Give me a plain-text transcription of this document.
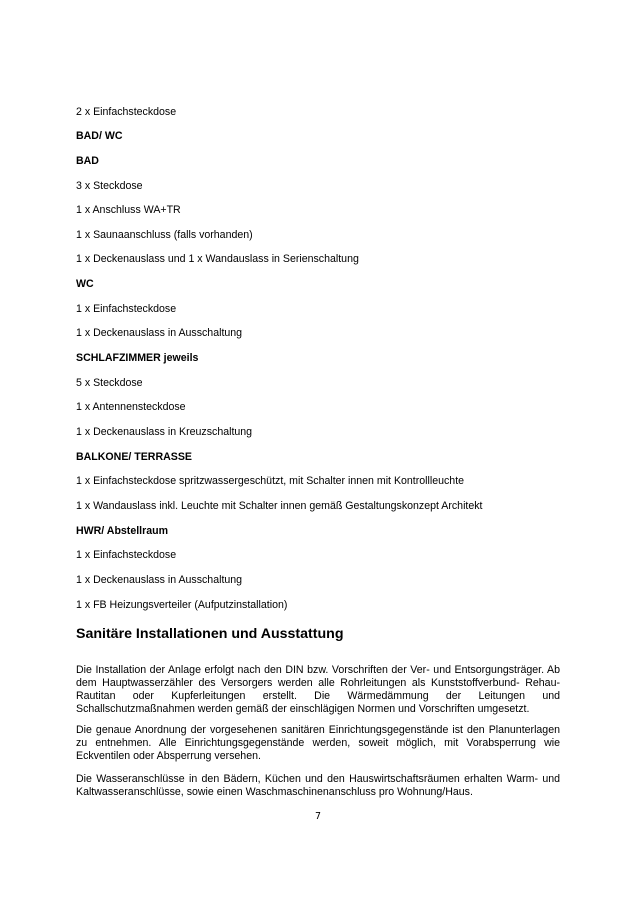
2 x Einfachsteckdose
BAD/ WC
BAD
3 x Steckdose
1 x Anschluss WA+TR
1 x Saunaanschluss (falls vorhanden)
1 x Deckenauslass und 1 x Wandauslass in Serienschaltung
WC
1 x Einfachsteckdose
1 x Deckenauslass in Ausschaltung
SCHLAFZIMMER jeweils
5 x Steckdose
1 x Antennensteckdose
1 x Deckenauslass in Kreuzschaltung
BALKONE/ TERRASSE
1 x Einfachsteckdose spritzwassergeschützt, mit Schalter innen mit Kontrollleuchte
1 x Wandauslass inkl. Leuchte mit Schalter innen gemäß Gestaltungskonzept Architekt
HWR/ Abstellraum
1 x Einfachsteckdose
1 x Deckenauslass in Ausschaltung
1 x FB Heizungsverteiler (Aufputzinstallation)
Sanitäre Installationen und Ausstattung
Die Installation der Anlage erfolgt nach den DIN bzw. Vorschriften der Ver- und Entsorgungsträger. Ab dem Hauptwasserzähler des Versorgers werden alle Rohrleitungen als Kunststoffverbund- Rehau-Rautitan oder Kupferleitungen erstellt. Die Wärmedämmung der Leitungen und Schallschutzmaßnahmen werden gemäß der einschlägigen Normen und Vorschriften umgesetzt.
Die genaue Anordnung der vorgesehenen sanitären Einrichtungsgegenstände ist den Planunterlagen zu entnehmen. Alle Einrichtungsgegenstände werden, soweit möglich, mit Vorabsperrung wie Eckventilen oder Absperrung versehen.
Die Wasseranschlüsse in den Bädern, Küchen und den Hauswirtschaftsräumen erhalten Warm- und Kaltwasseranschlüsse, sowie einen Waschmaschinenanschluss pro Wohnung/Haus.
7
